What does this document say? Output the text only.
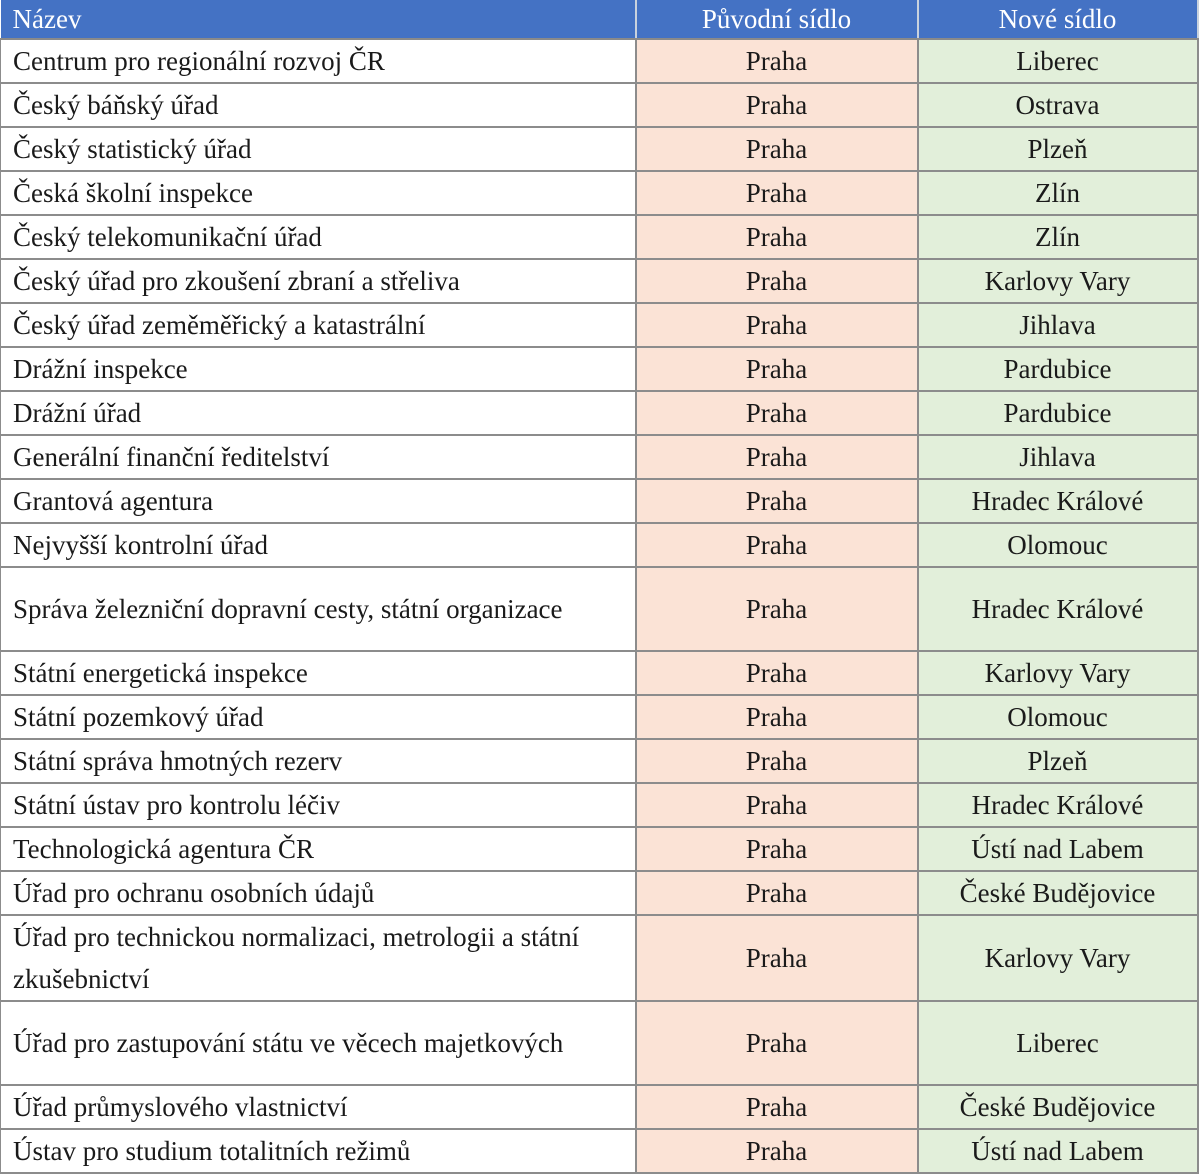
Název	Původní sídlo	Nové sídlo
Centrum pro regionální rozvoj ČR	Praha	Liberec
Český báňský úřad	Praha	Ostrava
Český statistický úřad	Praha	Plzeň
Česká školní inspekce	Praha	Zlín
Český telekomunikační úřad	Praha	Zlín
Český úřad pro zkoušení zbraní a střeliva	Praha	Karlovy Vary
Český úřad zeměměřický a katastrální	Praha	Jihlava
Drážní inspekce	Praha	Pardubice
Drážní úřad	Praha	Pardubice
Generální finanční ředitelství	Praha	Jihlava
Grantová agentura	Praha	Hradec Králové
Nejvyšší kontrolní úřad	Praha	Olomouc
Správa železniční dopravní cesty, státní organizace	Praha	Hradec Králové
Státní energetická inspekce	Praha	Karlovy Vary
Státní pozemkový úřad	Praha	Olomouc
Státní správa hmotných rezerv	Praha	Plzeň
Státní ústav pro kontrolu léčiv	Praha	Hradec Králové
Technologická agentura ČR	Praha	Ústí nad Labem
Úřad pro ochranu osobních údajů	Praha	České Budějovice
Úřad pro technickou normalizaci, metrologii a státní zkušebnictví	Praha	Karlovy Vary
Úřad pro zastupování státu ve věcech majetkových	Praha	Liberec
Úřad průmyslového vlastnictví	Praha	České Budějovice
Ústav pro studium totalitních režimů	Praha	Ústí nad Labem
